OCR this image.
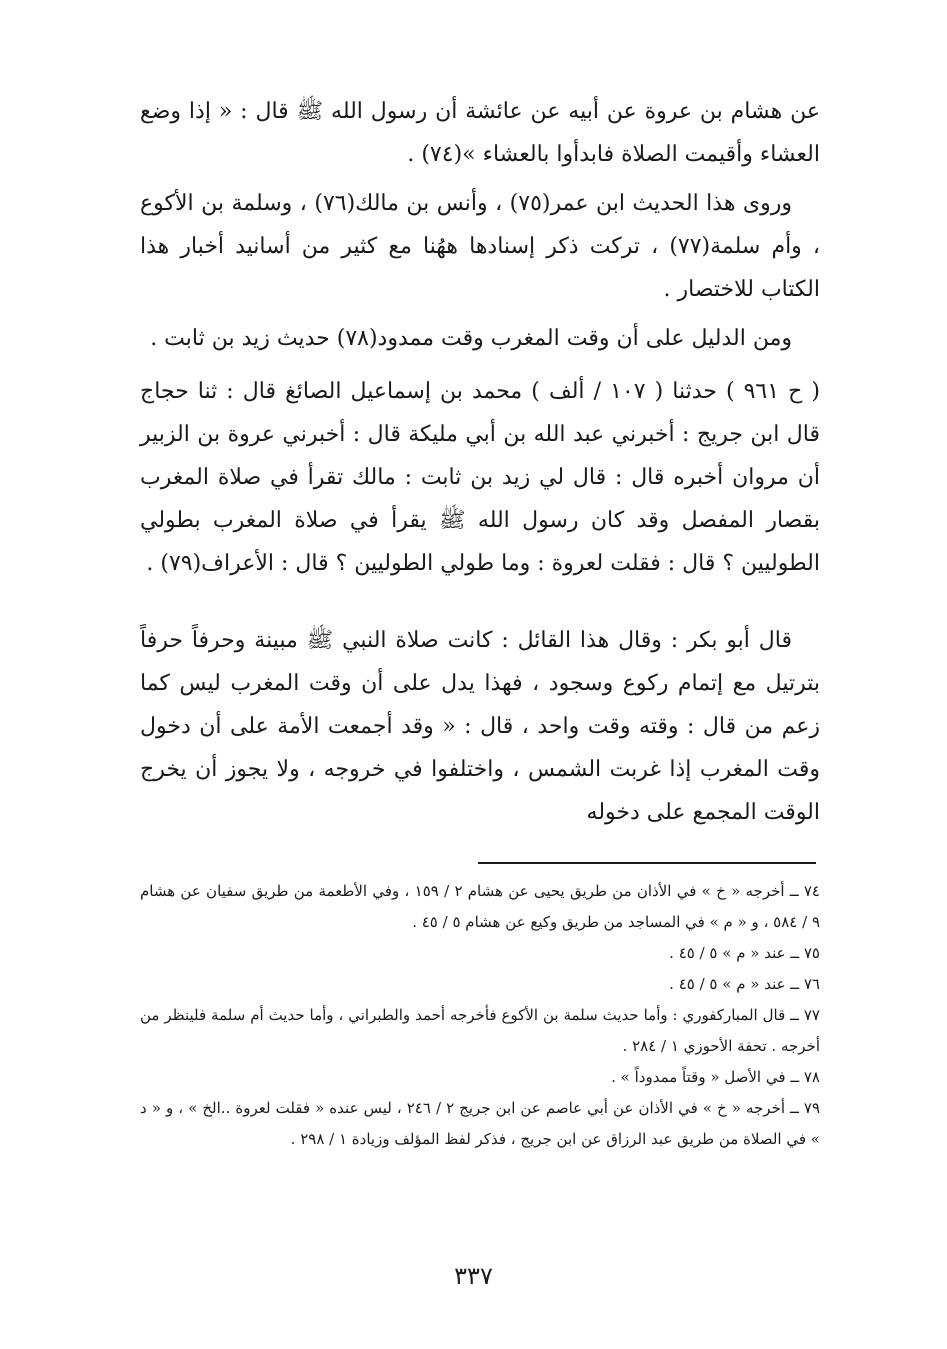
عن هشام بن عروة عن أبيه عن عائشة أن رسول الله ﷺ قال : « إذا وضع العشاء وأقيمت الصلاة فابدأوا بالعشاء »(٧٤) .

وروى هذا الحديث ابن عمر(٧٥) ، وأنس بن مالك(٧٦) ، وسلمة بن الأكوع ، وأم سلمة(٧٧) ، تركت ذكر إسنادها ههُنا مع كثير من أسانيد أخبار هذا الكتاب للاختصار .

ومن الدليل على أن وقت المغرب وقت ممدود(٧٨) حديث زيد بن ثابت .

( ح ٩٦١ ) حدثنا ( ١٠٧ / ألف ) محمد بن إسماعيل الصائغ قال : ثنا حجاج قال ابن جريج : أخبرني عبد الله بن أبي مليكة قال : أخبرني عروة بن الزبير أن مروان أخبره قال : قال لي زيد بن ثابت : مالك تقرأ في صلاة المغرب بقصار المفصل وقد كان رسول الله ﷺ يقرأ في صلاة المغرب بطولي الطوليين ؟ قال : فقلت لعروة : وما طولي الطوليين ؟ قال : الأعراف(٧٩) .

قال أبو بكر : وقال هذا القائل : كانت صلاة النبي ﷺ مبينة وحرفاً حرفاً بترتيل مع إتمام ركوع وسجود ، فهذا يدل على أن وقت المغرب ليس كما زعم من قال : وقته وقت واحد ، قال : « وقد أجمعت الأمة على أن دخول وقت المغرب إذا غربت الشمس ، واختلفوا في خروجه ، ولا يجوز أن يخرج الوقت المجمع على دخوله

٧٤ ــ أخرجه « خ » في الأذان من طريق يحيى عن هشام ٢ / ١٥٩ ، وفي الأطعمة من طريق سفيان عن هشام ٩ / ٥٨٤ ، و « م » في المساجد من طريق وكيع عن هشام ٥ / ٤٥ .

٧٥ ــ عند « م » ٥ / ٤٥ .

٧٦ ــ عند « م » ٥ / ٤٥ .

٧٧ ــ قال المباركفوري : وأما حديث سلمة بن الأكوع فأخرجه أحمد والطبراني ، وأما حديث أم سلمة فلينظر من أخرجه . تحفة الأحوزي ١ / ٢٨٤ .

٧٨ ــ في الأصل « وقتاً ممدوداً » .

٧٩ ــ أخرجه « خ » في الأذان عن أبي عاصم عن ابن جريج ٢ / ٢٤٦ ، ليس عنده « فقلت لعروة ..الخ » ، و « د » في الصلاة من طريق عبد الرزاق عن ابن جريج ، فذكر لفظ المؤلف وزيادة ١ / ٢٩٨ .

٣٣٧
